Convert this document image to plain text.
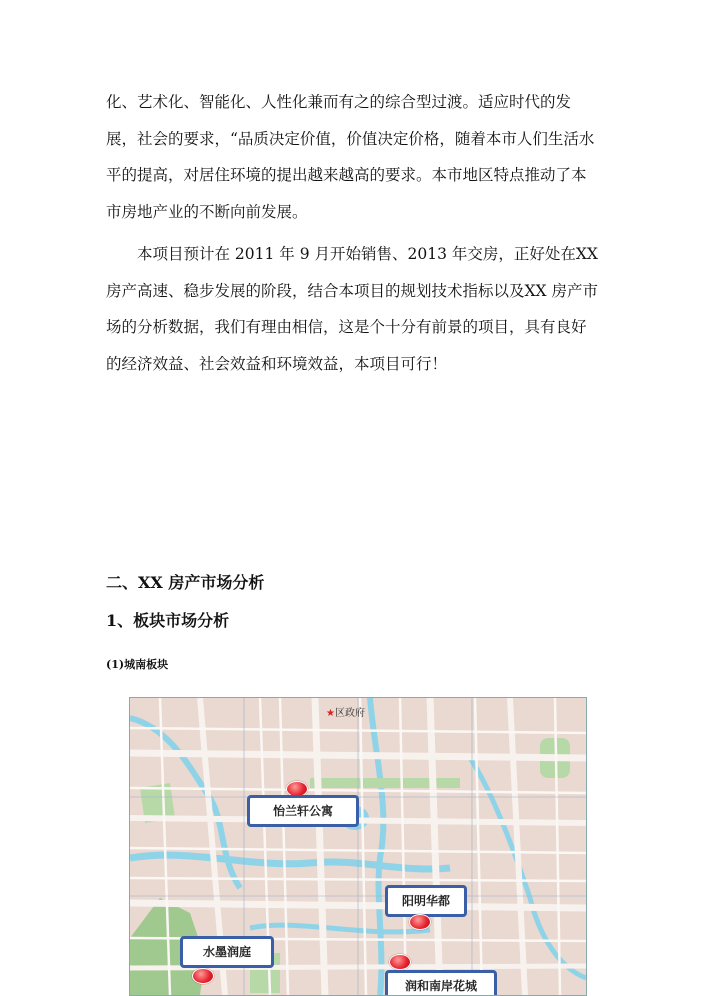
化、艺术化、智能化、人性化兼而有之的综合型过渡。适应时代的发展，社会的要求，“品质决定价值，价值决定价格，随着本市人们生活水平的提高，对居住环境的提出越来越高的要求。本市地区特点推动了本市房地产业的不断向前发展。

本项目预计在 2011 年 9 月开始销售、2013 年交房，正好处在XX 房产高速、稳步发展的阶段，结合本项目的规划技术指标以及XX 房产市场的分析数据，我们有理由相信，这是个十分有前景的项目，具有良好的经济效益、社会效益和环境效益，本项目可行！

二、XX 房产市场分析
1、板块市场分析
(1)城南板块
★区政府
怡兰轩公寓
阳明华都
水墨润庭
润和南岸花城
